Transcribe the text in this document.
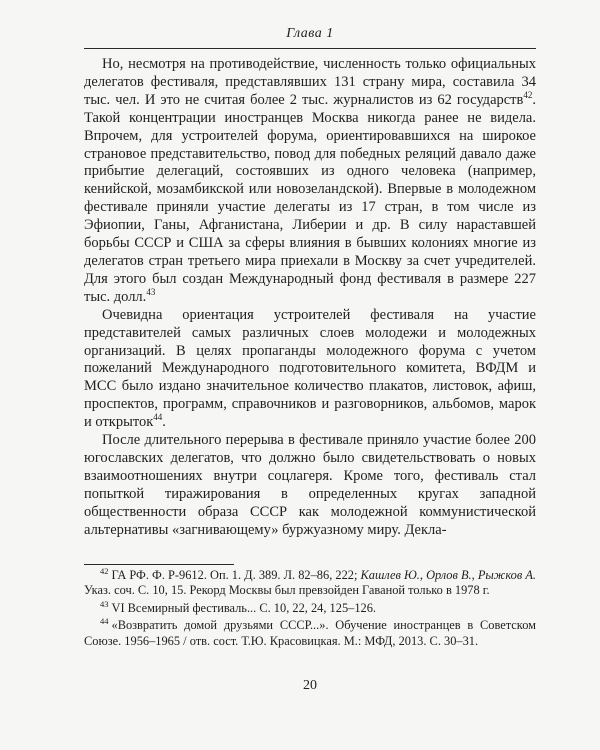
Глава 1

Но, несмотря на противодействие, численность только официальных делегатов фестиваля, представлявших 131 страну мира, составила 34 тыс. чел. И это не считая более 2 тыс. журналистов из 62 государств$^{42}$. Такой концентрации иностранцев Москва никогда ранее не видела. Впрочем, для устроителей форума, ориентировавшихся на широкое страновое представительство, повод для победных реляций давало даже прибытие делегаций, состоявших из одного человека (например, кенийской, мозамбикской или новозеландской). Впервые в молодежном фестивале приняли участие делегаты из 17 стран, в том числе из Эфиопии, Ганы, Афганистана, Либерии и др. В силу нараставшей борьбы СССР и США за сферы влияния в бывших колониях многие из делегатов стран третьего мира приехали в Москву за счет учредителей. Для этого был создан Международный фонд фестиваля в размере 227 тыс. долл.$^{43}$

Очевидна ориентация устроителей фестиваля на участие представителей самых различных слоев молодежи и молодежных организаций. В целях пропаганды молодежного форума с учетом пожеланий Международного подготовительного комитета, ВФДМ и МСС было издано значительное количество плакатов, листовок, афиш, проспектов, программ, справочников и разговорников, альбомов, марок и открыток$^{44}$.

После длительного перерыва в фестивале приняло участие более 200 югославских делегатов, что должно было свидетельствовать о новых взаимоотношениях внутри соцлагеря. Кроме того, фестиваль стал попыткой тиражирования в определенных кругах западной общественности образа СССР как молодежной коммунистической альтернативы «загнивающему» буржуазному миру. Декла-

$^{42}$ ГА РФ. Ф. Р-9612. Оп. 1. Д. 389. Л. 82–86, 222; Кашлев Ю., Орлов В., Рыжков А. Указ. соч. С. 10, 15. Рекорд Москвы был превзойден Гаваной только в 1978 г.

$^{43}$ VI Всемирный фестиваль... С. 10, 22, 24, 125–126.

$^{44}$ «Возвратить домой друзьями СССР...». Обучение иностранцев в Советском Союзе. 1956–1965 / отв. сост. Т.Ю. Красовицкая. М.: МФД, 2013. С. 30–31.

20
